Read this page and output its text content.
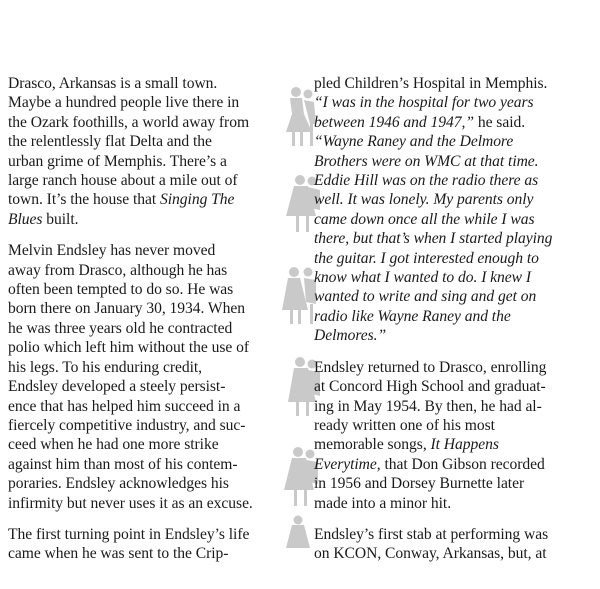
Drasco, Arkansas is a small town.
Maybe a hundred people live there in
the Ozark foothills, a world away from
the relentlessly flat Delta and the
urban grime of Memphis. There’s a
large ranch house about a mile out of
town. It’s the house that Singing The
Blues built.

Melvin Endsley has never moved
away from Drasco, although he has
often been tempted to do so. He was
born there on January 30, 1934. When
he was three years old he contracted
polio which left him without the use of
his legs. To his enduring credit,
Endsley developed a steely persist-
ence that has helped him succeed in a
fiercely competitive industry, and suc-
ceed when he had one more strike
against him than most of his contem-
poraries. Endsley acknowledges his
infirmity but never uses it as an excuse.

The first turning point in Endsley’s life
came when he was sent to the Crip-

pled Children’s Hospital in Memphis.
“I was in the hospital for two years
between 1946 and 1947,” he said.
“Wayne Raney and the Delmore
Brothers were on WMC at that time.
Eddie Hill was on the radio there as
well. It was lonely. My parents only
came down once all the while I was
there, but that’s when I started playing
the guitar. I got interested enough to
know what I wanted to do. I knew I
wanted to write and sing and get on
radio like Wayne Raney and the
Delmores.”

Endsley returned to Drasco, enrolling
at Concord High School and graduat-
ing in May 1954. By then, he had al-
ready written one of his most
memorable songs, It Happens
Everytime, that Don Gibson recorded
in 1956 and Dorsey Burnette later
made into a minor hit.

Endsley’s first stab at performing was
on KCON, Conway, Arkansas, but, at
